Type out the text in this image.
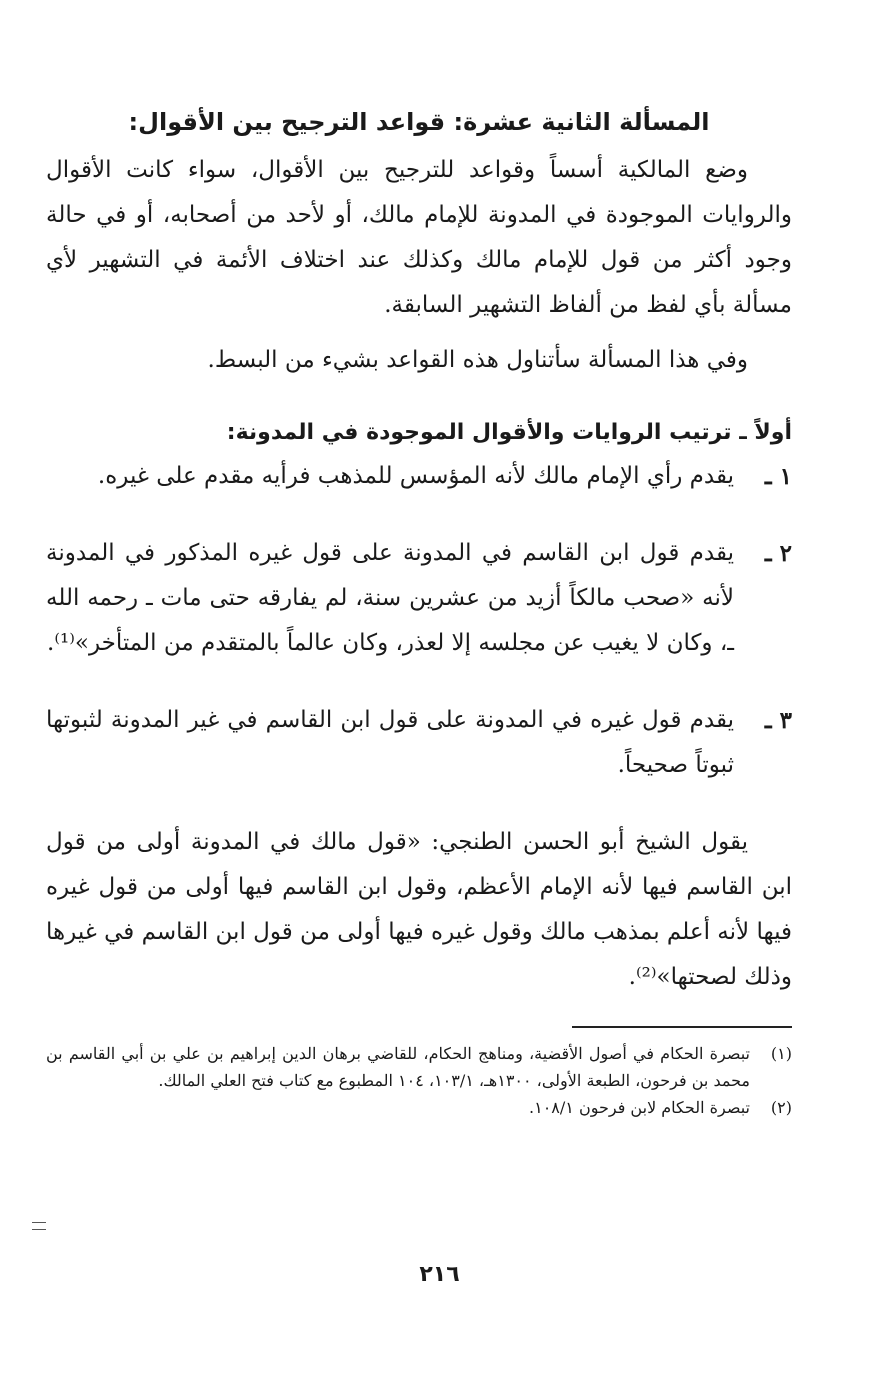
المسألة الثانية عشرة: قواعد الترجيح بين الأقوال:

وضع المالكية أسساً وقواعد للترجيح بين الأقوال، سواء كانت الأقوال والروايات الموجودة في المدونة للإمام مالك، أو لأحد من أصحابه، أو في حالة وجود أكثر من قول للإمام مالك وكذلك عند اختلاف الأئمة في التشهير لأي مسألة بأي لفظ من ألفاظ التشهير السابقة.

وفي هذا المسألة سأتناول هذه القواعد بشيء من البسط.

أولاً ـ ترتيب الروايات والأقوال الموجودة في المدونة:
١ ـ
يقدم رأي الإمام مالك لأنه المؤسس للمذهب فرأيه مقدم على غيره.
٢ ـ
يقدم قول ابن القاسم في المدونة على قول غيره المذكور في المدونة لأنه «صحب مالكاً أزيد من عشرين سنة، لم يفارقه حتى مات ـ رحمه الله ـ، وكان لا يغيب عن مجلسه إلا لعذر، وكان عالماً بالمتقدم من المتأخر»⁽¹⁾.
٣ ـ
يقدم قول غيره في المدونة على قول ابن القاسم في غير المدونة لثبوتها ثبوتاً صحيحاً.

يقول الشيخ أبو الحسن الطنجي: «قول مالك في المدونة أولى من قول ابن القاسم فيها لأنه الإمام الأعظم، وقول ابن القاسم فيها أولى من قول غيره فيها لأنه أعلم بمذهب مالك وقول غيره فيها أولى من قول ابن القاسم في غيرها وذلك لصحتها»⁽²⁾.

(١)
تبصرة الحكام في أصول الأقضية، ومناهج الحكام، للقاضي برهان الدين إبراهيم بن علي بن أبي القاسم بن محمد بن فرحون، الطبعة الأولى، ١٣٠٠هـ، ١٠٣/١، ١٠٤ المطبوع مع كتاب فتح العلي المالك.
(٢)
تبصرة الحكام لابن فرحون ١٠٨/١.
٢١٦
